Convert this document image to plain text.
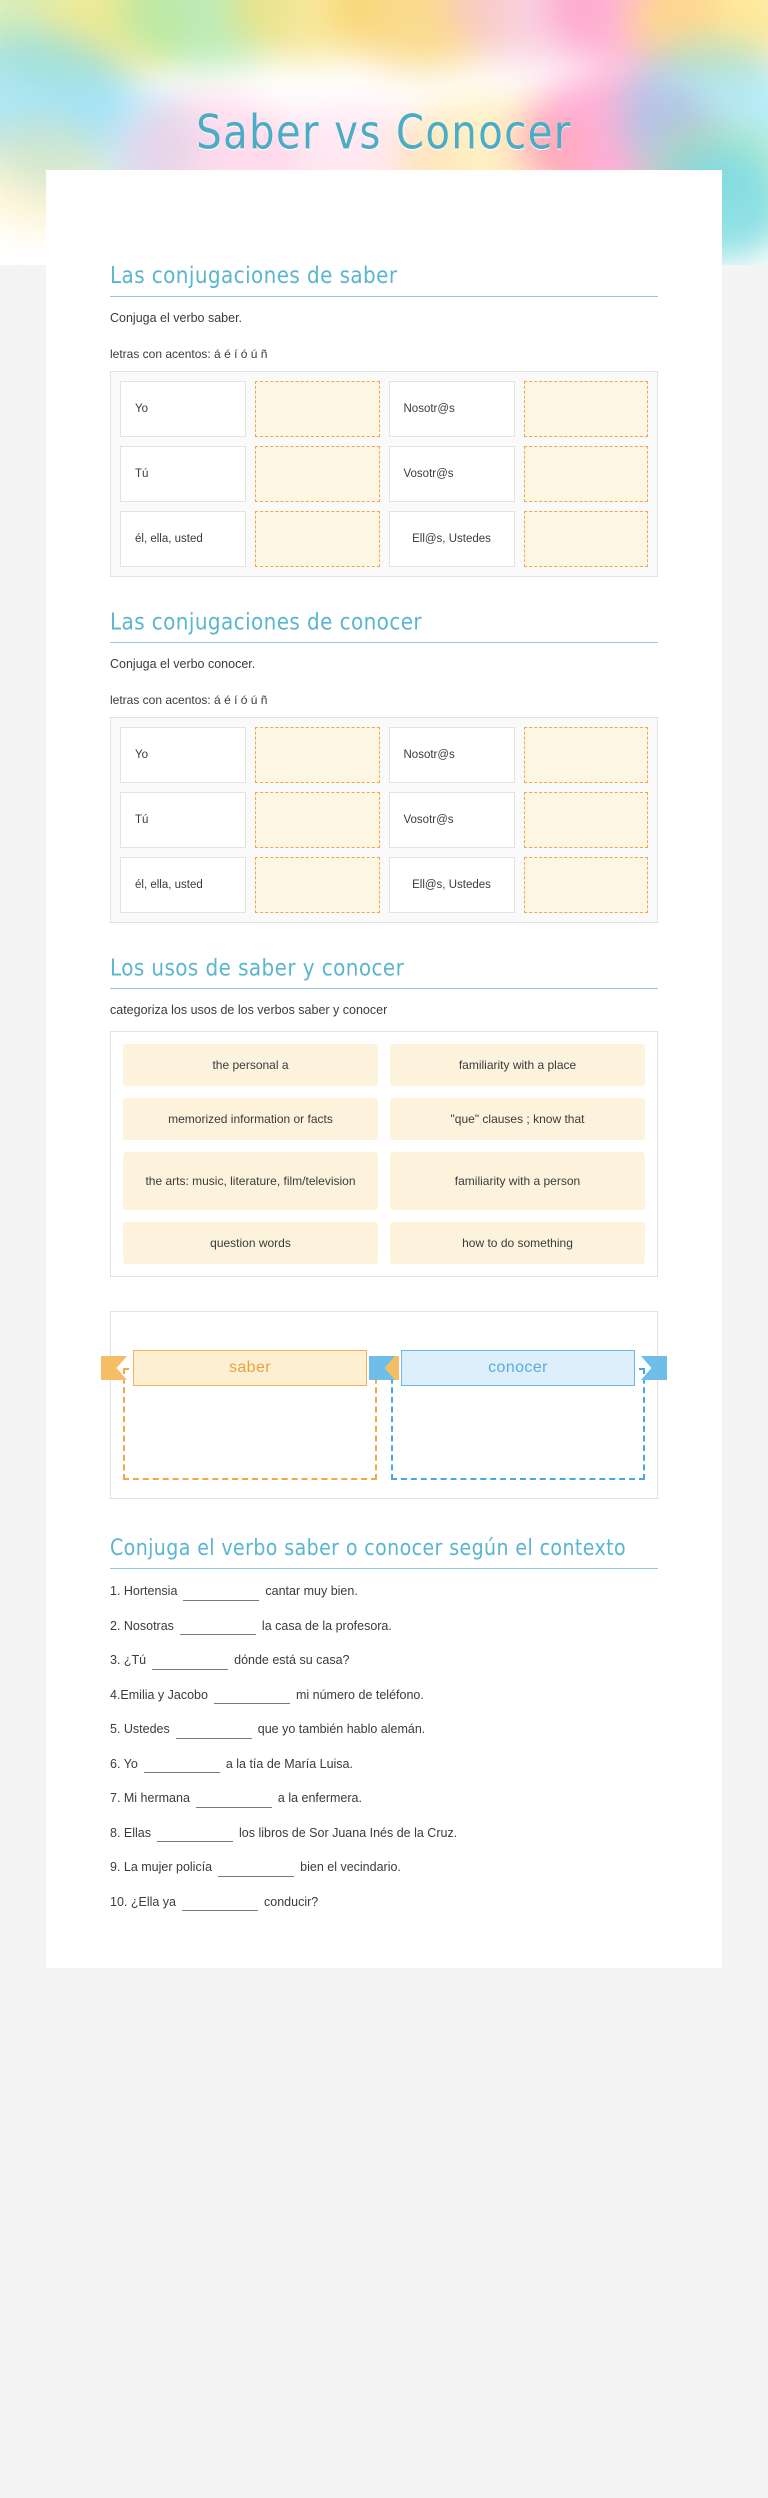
Saber vs Conocer
Las conjugaciones de saber

Conjuga el verbo saber.

letras con acentos: á é í ó ú ñ

Yo	Nosotr@s
Tú	Vosotr@s
él, ella, usted	Ell@s, Ustedes
Las conjugaciones de conocer

Conjuga el verbo conocer.

letras con acentos: á é í ó ú ñ

Yo	Nosotr@s
Tú	Vosotr@s
él, ella, usted	Ell@s, Ustedes
Los usos de saber y conocer

categoriza los usos de los verbos saber y conocer

the personal a	familiarity with a place
memorized information or facts	"que" clauses ; know that
the arts: music, literature, film/television	familiarity with a person
question words	how to do something
saber	conocer
Conjuga el verbo saber o conocer según el contexto
1. Hortensia	cantar muy bien.
2. Nosotras	la casa de la profesora.
3. ¿Tú	dónde está su casa?
4.Emilia y Jacobo	mi número de teléfono.
5. Ustedes	que yo también hablo alemán.
6. Yo	a la tía de María Luisa.
7. Mi hermana	a la enfermera.
8. Ellas	los libros de Sor Juana Inés de la Cruz.
9. La mujer policía	bien el vecindario.
10. ¿Ella ya	conducir?
